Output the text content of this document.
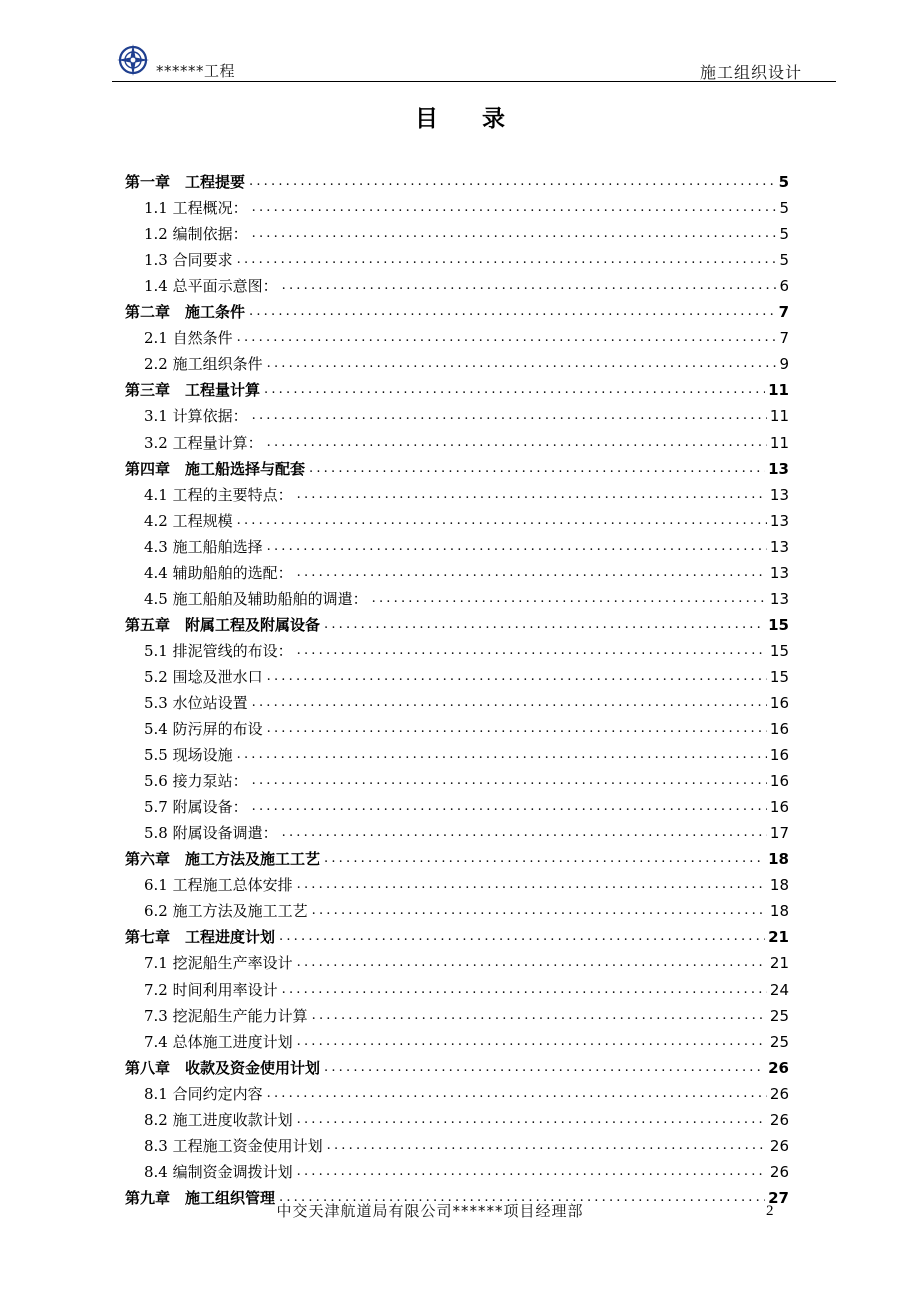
******工程	施工组织设计
目 录
第一章　工程提要 .....	5
1.1 工程概况： .....	5
1.2 编制依据： .....	5
1.3 合同要求 .....	5
1.4 总平面示意图： .....	6
第二章　施工条件 .....	7
2.1 自然条件 .....	7
2.2 施工组织条件 .....	9
第三章　工程量计算 .....	11
3.1 计算依据： .....	11
3.2 工程量计算： .....	11
第四章　施工船选择与配套 .....	13
4.1 工程的主要特点： .....	13
4.2 工程规模 .....	13
4.3 施工船舶选择 .....	13
4.4 辅助船舶的选配： .....	13
4.5 施工船舶及辅助船舶的调遣： .....	13
第五章　附属工程及附属设备 .....	15
5.1 排泥管线的布设： .....	15
5.2 围埝及泄水口 .....	15
5.3 水位站设置 .....	16
5.4 防污屏的布设 .....	16
5.5 现场设施 .....	16
5.6 接力泵站： .....	16
5.7 附属设备： .....	16
5.8 附属设备调遣： .....	17
第六章　施工方法及施工工艺 .....	18
6.1 工程施工总体安排 .....	18
6.2 施工方法及施工工艺 .....	18
第七章　工程进度计划 .....	21
7.1 挖泥船生产率设计 .....	21
7.2 时间利用率设计 .....	24
7.3 挖泥船生产能力计算 .....	25
7.4 总体施工进度计划 .....	25
第八章　收款及资金使用计划 .....	26
8.1 合同约定内容 .....	26
8.2 施工进度收款计划 .....	26
8.3 工程施工资金使用计划 .....	26
8.4 编制资金调拨计划 .....	26
第九章　施工组织管理 .....	27
中交天津航道局有限公司******项目经理部	2
